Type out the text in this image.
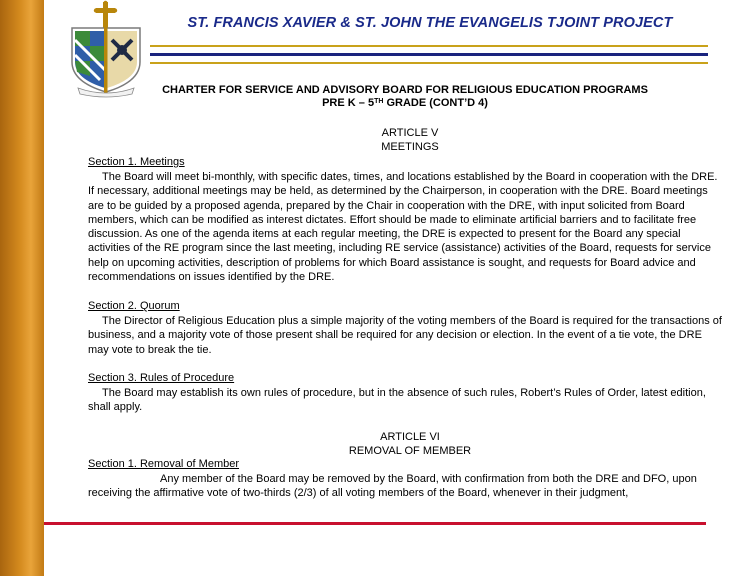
ST. FRANCIS XAVIER & ST. JOHN THE EVANGELIS TJOINT PROJECT
CHARTER FOR SERVICE AND ADVISORY BOARD FOR RELIGIOUS EDUCATION PROGRAMS
PRE K – 5TH GRADE (CONT’D 4)
ARTICLE V
MEETINGS
Section 1. Meetings
The Board will meet bi-monthly, with specific dates, times, and locations established by the Board in cooperation with the DRE. If necessary, additional meetings may be held, as determined by the Chairperson, in cooperation with the DRE. Board meetings are to be guided by a proposed agenda, prepared by the Chair in cooperation with the DRE, with input solicited from Board members, which can be modified as interest dictates. Effort should be made to eliminate artificial barriers and to facilitate free discussion. As one of the agenda items at each regular meeting, the DRE is expected to present for the Board any special activities of the RE program since the last meeting, including RE service (assistance) activities of the Board, requests for service help on upcoming activities, description of problems for which Board assistance is sought, and requests for Board advice and recommendations on issues identified by the DRE.
Section 2. Quorum
The Director of Religious Education plus a simple majority of the voting members of the Board is required for the transactions of business, and a majority vote of those present shall be required for any decision or election. In the event of a tie vote, the DRE may vote to break the tie.
Section 3. Rules of Procedure
The Board may establish its own rules of procedure, but in the absence of such rules, Robert’s Rules of Order, latest edition, shall apply.
ARTICLE VI
REMOVAL OF MEMBER
Section 1. Removal of Member
Any member of the Board may be removed by the Board, with confirmation from both the DRE and DFO, upon receiving the affirmative vote of two-thirds (2/3) of all voting members of the Board, whenever in their judgment,
